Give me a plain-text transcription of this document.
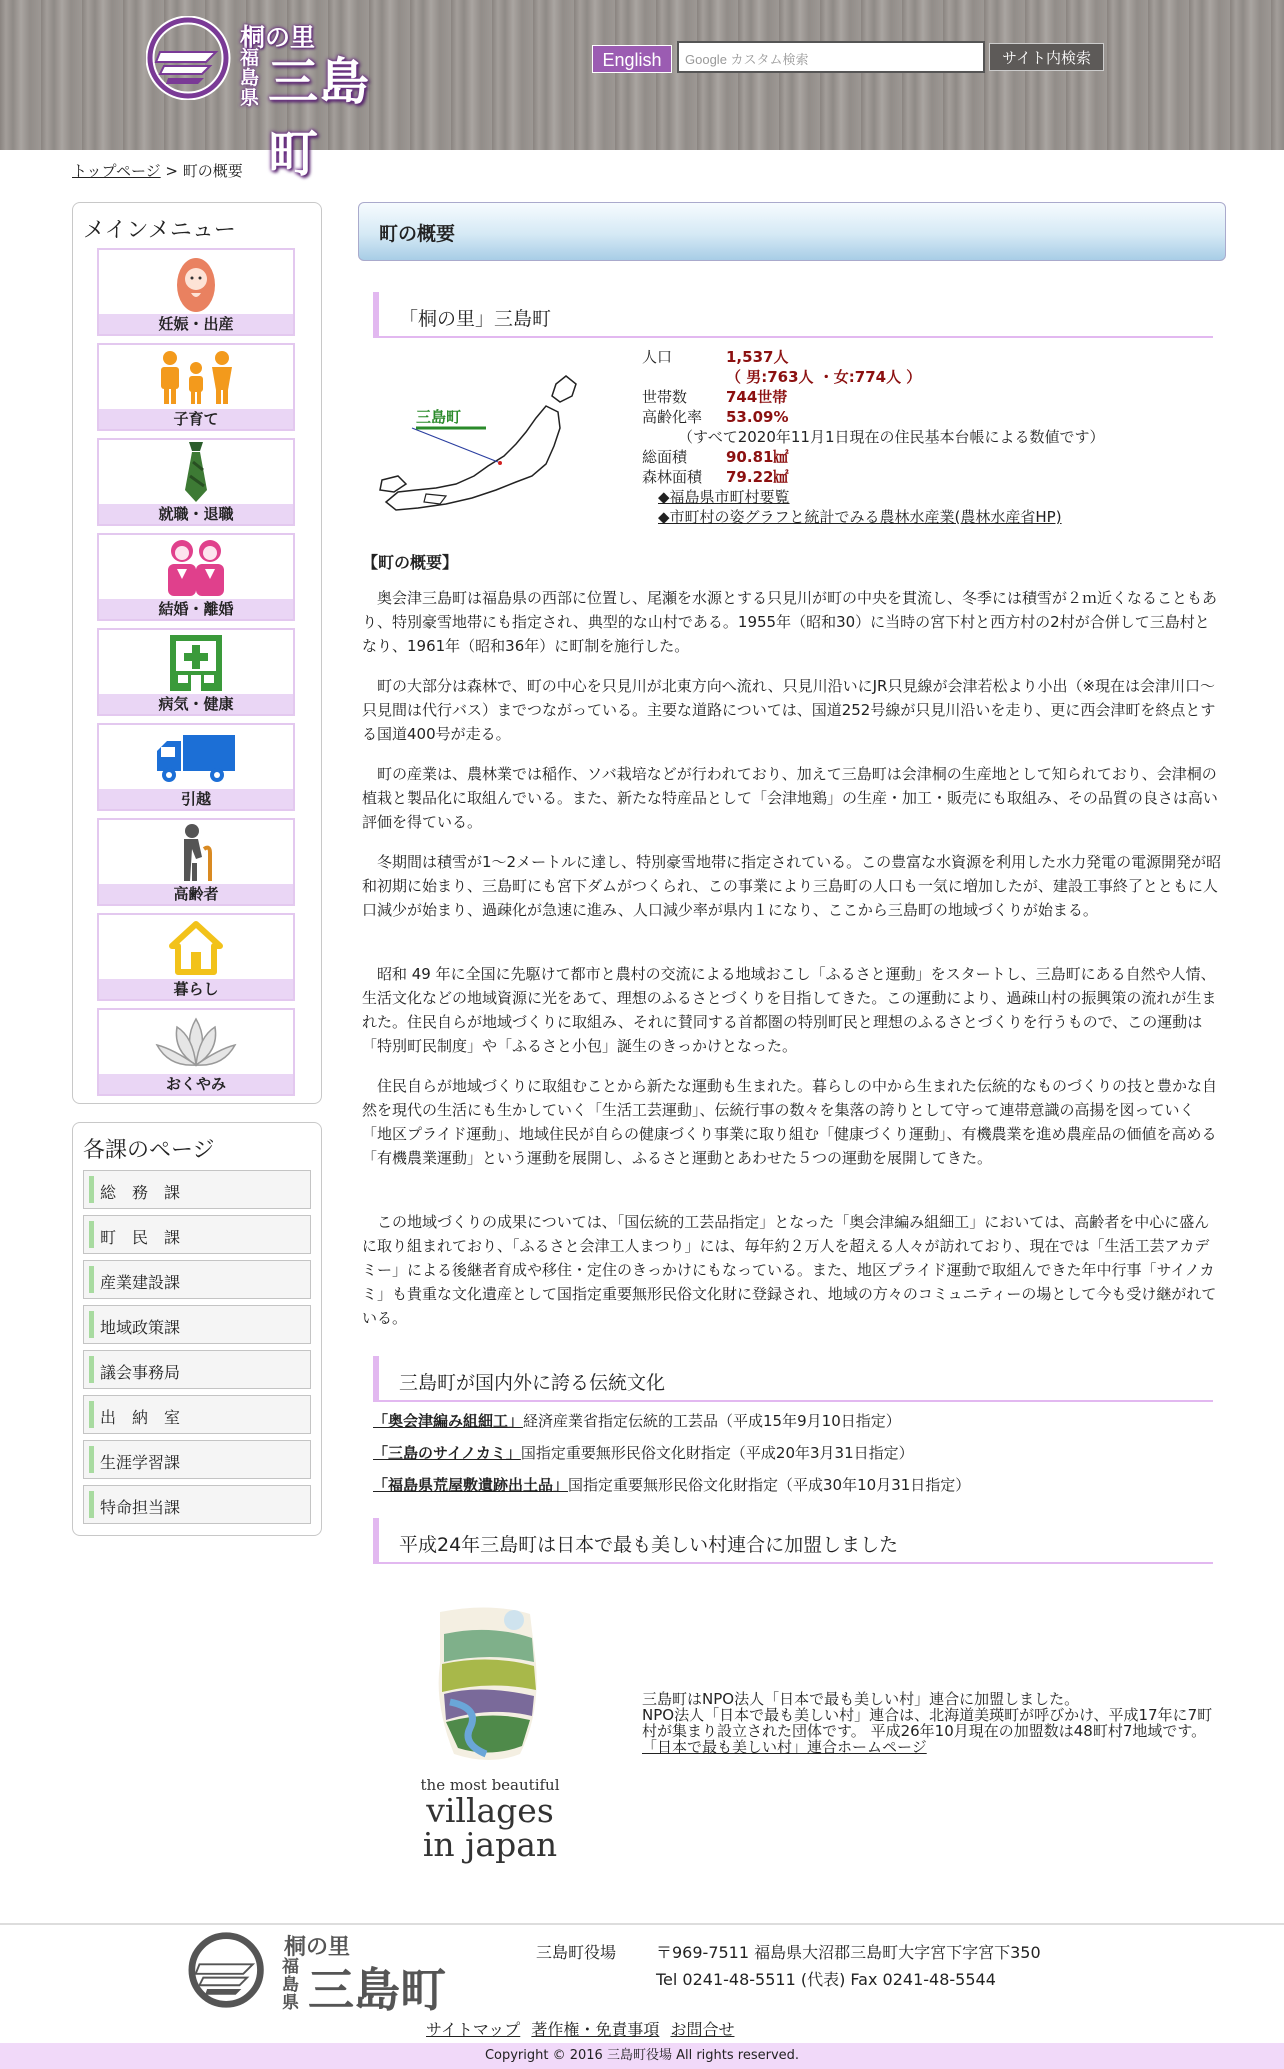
桐の里
福島県 三島町
English	Google カスタム検索	サイト内検索
トップページ > 町の概要
メインメニュー
妊娠・出産
子育て
就職・退職
結婚・離婚
病気・健康
引越
高齢者
暮らし
おくやみ
各課のページ
総　務　課
町　民　課
産業建設課
地域政策課
議会事務局
出　納　室
生涯学習課
特命担当課
町の概要
「桐の里」三島町
三島町
人口	1,537人
（ 男:763人 ・女:774人 ）
世帯数	744世帯
高齢化率 53.09%
（すべて2020年11月1日現在の住民基本台帳による数値です）
総面積	90.81㎢
森林面積 79.22㎢
◆福島県市町村要覧
◆市町村の姿グラフと統計でみる農林水産業(農林水産省HP)
【町の概要】

奥会津三島町は福島県の西部に位置し、尾瀬を水源とする只見川が町の中央を貫流し、冬季には積雪が２ｍ近くなることもあり、特別豪雪地帯にも指定され、典型的な山村である。1955年（昭和30）に当時の宮下村と西方村の2村が合併して三島村となり、1961年（昭和36年）に町制を施行した。

町の大部分は森林で、町の中心を只見川が北東方向へ流れ、只見川沿いにJR只見線が会津若松より小出（※現在は会津川口～只見間は代行バス）までつながっている。主要な道路については、国道252号線が只見川沿いを走り、更に西会津町を終点とする国道400号が走る。

町の産業は、農林業では稲作、ソバ栽培などが行われており、加えて三島町は会津桐の生産地として知られており、会津桐の植栽と製品化に取組んでいる。また、新たな特産品として「会津地鶏」の生産・加工・販売にも取組み、その品質の良さは高い評価を得ている。

冬期間は積雪が1～2メートルに達し、特別豪雪地帯に指定されている。この豊富な水資源を利用した水力発電の電源開発が昭和初期に始まり、三島町にも宮下ダムがつくられ、この事業により三島町の人口も一気に増加したが、建設工事終了とともに人口減少が始まり、過疎化が急速に進み、人口減少率が県内１になり、ここから三島町の地域づくりが始まる。

昭和 49 年に全国に先駆けて都市と農村の交流による地域おこし「ふるさと運動」をスタートし、三島町にある自然や人情、生活文化などの地域資源に光をあて、理想のふるさとづくりを目指してきた。この運動により、過疎山村の振興策の流れが生まれた。住民自らが地域づくりに取組み、それに賛同する首都圏の特別町民と理想のふるさとづくりを行うもので、この運動は「特別町民制度」や「ふるさと小包」誕生のきっかけとなった。

住民自らが地域づくりに取組むことから新たな運動も生まれた。暮らしの中から生まれた伝統的なものづくりの技と豊かな自然を現代の生活にも生かしていく「生活工芸運動」、伝統行事の数々を集落の誇りとして守って連帯意識の高揚を図っていく「地区プライド運動」、地域住民が自らの健康づくり事業に取り組む「健康づくり運動」、有機農業を進め農産品の価値を高める「有機農業運動」という運動を展開し、ふるさと運動とあわせた５つの運動を展開してきた。

この地域づくりの成果については、「国伝統的工芸品指定」となった「奥会津編み組細工」においては、高齢者を中心に盛んに取り組まれており、「ふるさと会津工人まつり」には、毎年約２万人を超える人々が訪れており、現在では「生活工芸アカデミー」による後継者育成や移住・定住のきっかけにもなっている。また、地区プライド運動で取組んできた年中行事「サイノカミ」も貴重な文化遺産として国指定重要無形民俗文化財に登録され、地域の方々のコミュニティーの場として今も受け継がれている。

三島町が国内外に誇る伝統文化
「奥会津編み組細工」経済産業省指定伝統的工芸品（平成15年9月10日指定）
「三島のサイノカミ」国指定重要無形民俗文化財指定（平成20年3月31日指定）
「福島県荒屋敷遺跡出土品」国指定重要無形民俗文化財指定（平成30年10月31日指定）
平成24年三島町は日本で最も美しい村連合に加盟しました
the most beautiful
villages
in japan
三島町はNPO法人「日本で最も美しい村」連合に加盟しました。
NPO法人「日本で最も美しい村」連合は、北海道美瑛町が呼びかけ、平成17年に7町村が集まり設立された団体です。 平成26年10月現在の加盟数は48町村7地域です。
「日本で最も美しい村」連合ホームページ
桐の里
福島県 三島町
三島町役場 〒969-7511 福島県大沼郡三島町大字宮下字宮下350
Tel 0241-48-5511 (代表) Fax 0241-48-5544
サイトマップ 著作権・免責事項 お問合せ
Copyright © 2016 三島町役場 All rights reserved.
